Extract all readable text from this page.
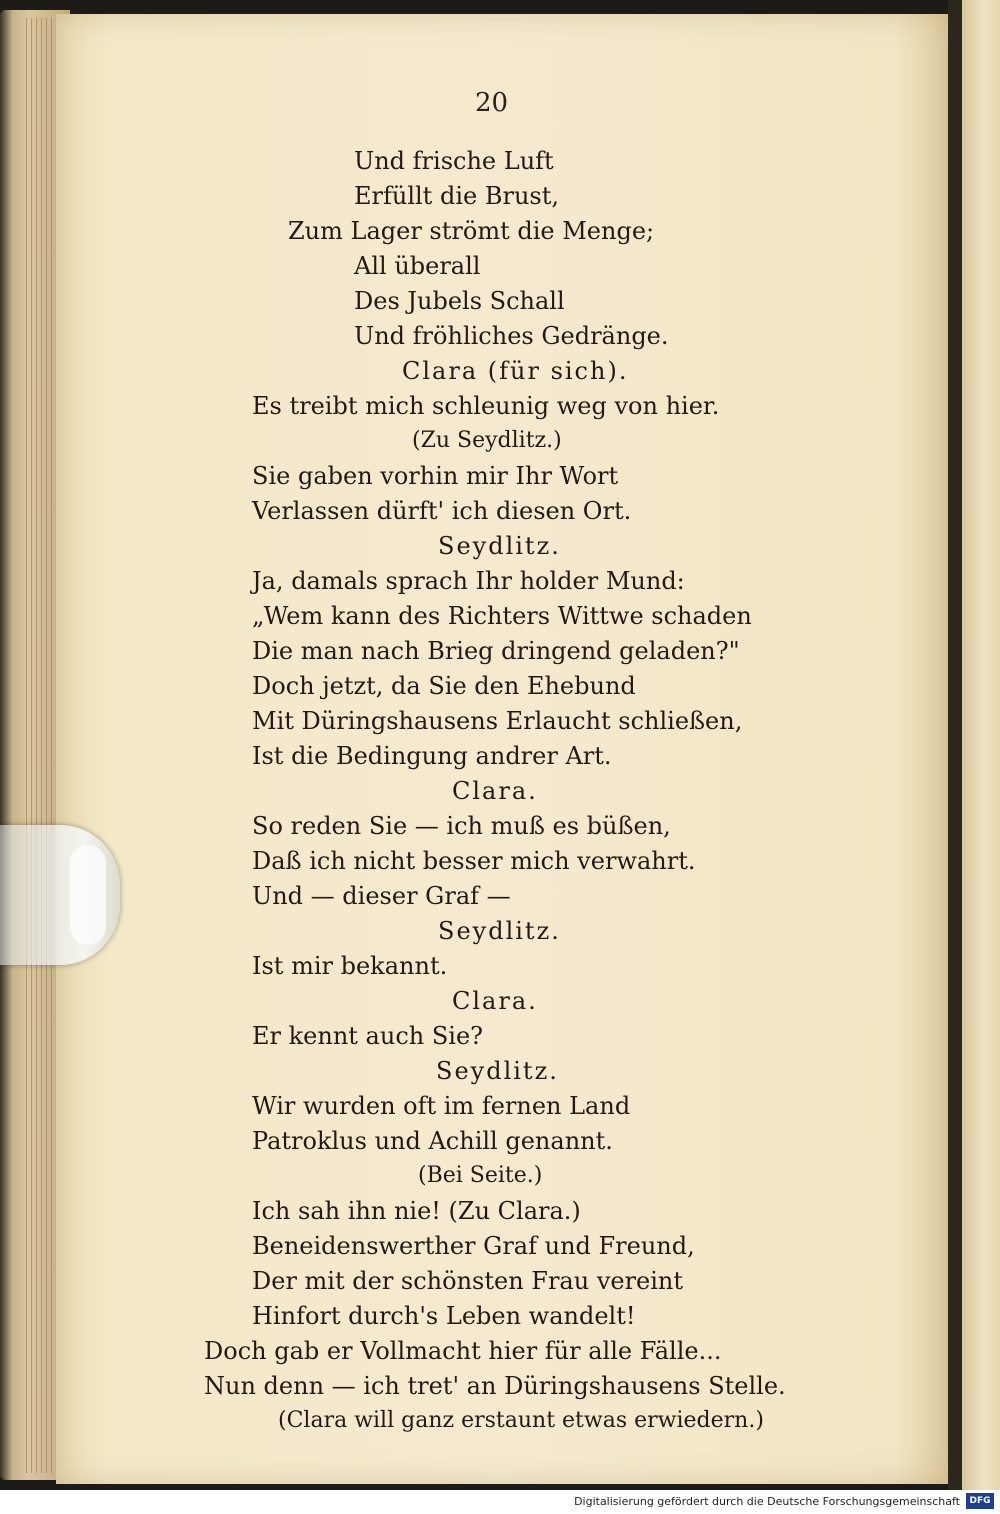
20
Und frische Luft
Erfüllt die Brust,
Zum Lager strömt die Menge;
All überall
Des Jubels Schall
Und fröhliches Gedränge.
Clara (für sich).
Es treibt mich schleunig weg von hier.
(Zu Seydlitz.)
Sie gaben vorhin mir Ihr Wort
Verlassen dürft' ich diesen Ort.
Seydlitz.
Ja, damals sprach Ihr holder Mund:
„Wem kann des Richters Wittwe schaden
Die man nach Brieg dringend geladen?"
Doch jetzt, da Sie den Ehebund
Mit Düringshausens Erlaucht schließen,
Ist die Bedingung andrer Art.
Clara.
So reden Sie — ich muß es büßen,
Daß ich nicht besser mich verwahrt.
Und — dieser Graf —
Seydlitz.
Ist mir bekannt.
Clara.
Er kennt auch Sie?
Seydlitz.
Wir wurden oft im fernen Land
Patroklus und Achill genannt.
(Bei Seite.)
Ich sah ihn nie! (Zu Clara.)
Beneidenswerther Graf und Freund,
Der mit der schönsten Frau vereint
Hinfort durch's Leben wandelt!
Doch gab er Vollmacht hier für alle Fälle...
Nun denn — ich tret' an Düringshausens Stelle.
(Clara will ganz erstaunt etwas erwiedern.)
Digitalisierung gefördert durch die Deutsche Forschungsgemeinschaft	DFG
